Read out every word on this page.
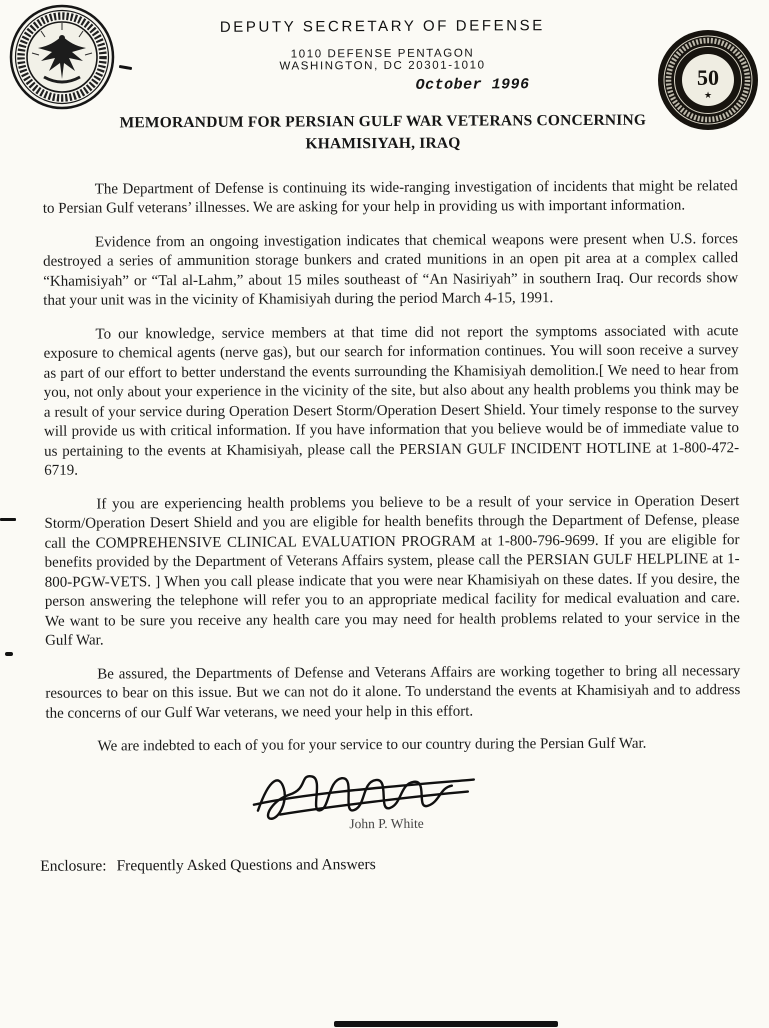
50
★
DEPUTY SECRETARY OF DEFENSE
1010 DEFENSE PENTAGON
WASHINGTON, DC 20301-1010
October 1996
MEMORANDUM FOR PERSIAN GULF WAR VETERANS CONCERNING
KHAMISIYAH, IRAQ

The Department of Defense is continuing its wide-ranging investigation of incidents that might be related to Persian Gulf veterans’ illnesses. We are asking for your help in providing us with important information.

Evidence from an ongoing investigation indicates that chemical weapons were present when U.S. forces destroyed a series of ammunition storage bunkers and crated munitions in an open pit area at a complex called “Khamisiyah” or “Tal al-Lahm,” about 15 miles southeast of “An Nasiriyah” in southern Iraq. Our records show that your unit was in the vicinity of Khamisiyah during the period March 4-15, 1991.

To our knowledge, service members at that time did not report the symptoms associated with acute exposure to chemical agents (nerve gas), but our search for information continues. You will soon receive a survey as part of our effort to better understand the events surrounding the Khamisiyah demolition.[ We need to hear from you, not only about your experience in the vicinity of the site, but also about any health problems you think may be a result of your service during Operation Desert Storm/Operation Desert Shield. Your timely response to the survey will provide us with critical information. If you have information that you believe would be of immediate value to us pertaining to the events at Khamisiyah, please call the PERSIAN GULF INCIDENT HOTLINE at 1-800-472-6719.

If you are experiencing health problems you believe to be a result of your service in Operation Desert Storm/Operation Desert Shield and you are eligible for health benefits through the Department of Defense, please call the COMPREHENSIVE CLINICAL EVALUATION PROGRAM at 1-800-796-9699. If you are eligible for benefits provided by the Department of Veterans Affairs system, please call the PERSIAN GULF HELPLINE at 1-800-PGW-VETS. ] When you call please indicate that you were near Khamisiyah on these dates. If you desire, the person answering the telephone will refer you to an appropriate medical facility for medical evaluation and care. We want to be sure you receive any health care you may need for health problems related to your service in the Gulf War.

Be assured, the Departments of Defense and Veterans Affairs are working together to bring all necessary resources to bear on this issue. But we can not do it alone. To understand the events at Khamisiyah and to address the concerns of our Gulf War veterans, we need your help in this effort.

We are indebted to each of you for your service to our country during the Persian Gulf War.

John P. White
Enclosure: Frequently Asked Questions and Answers
